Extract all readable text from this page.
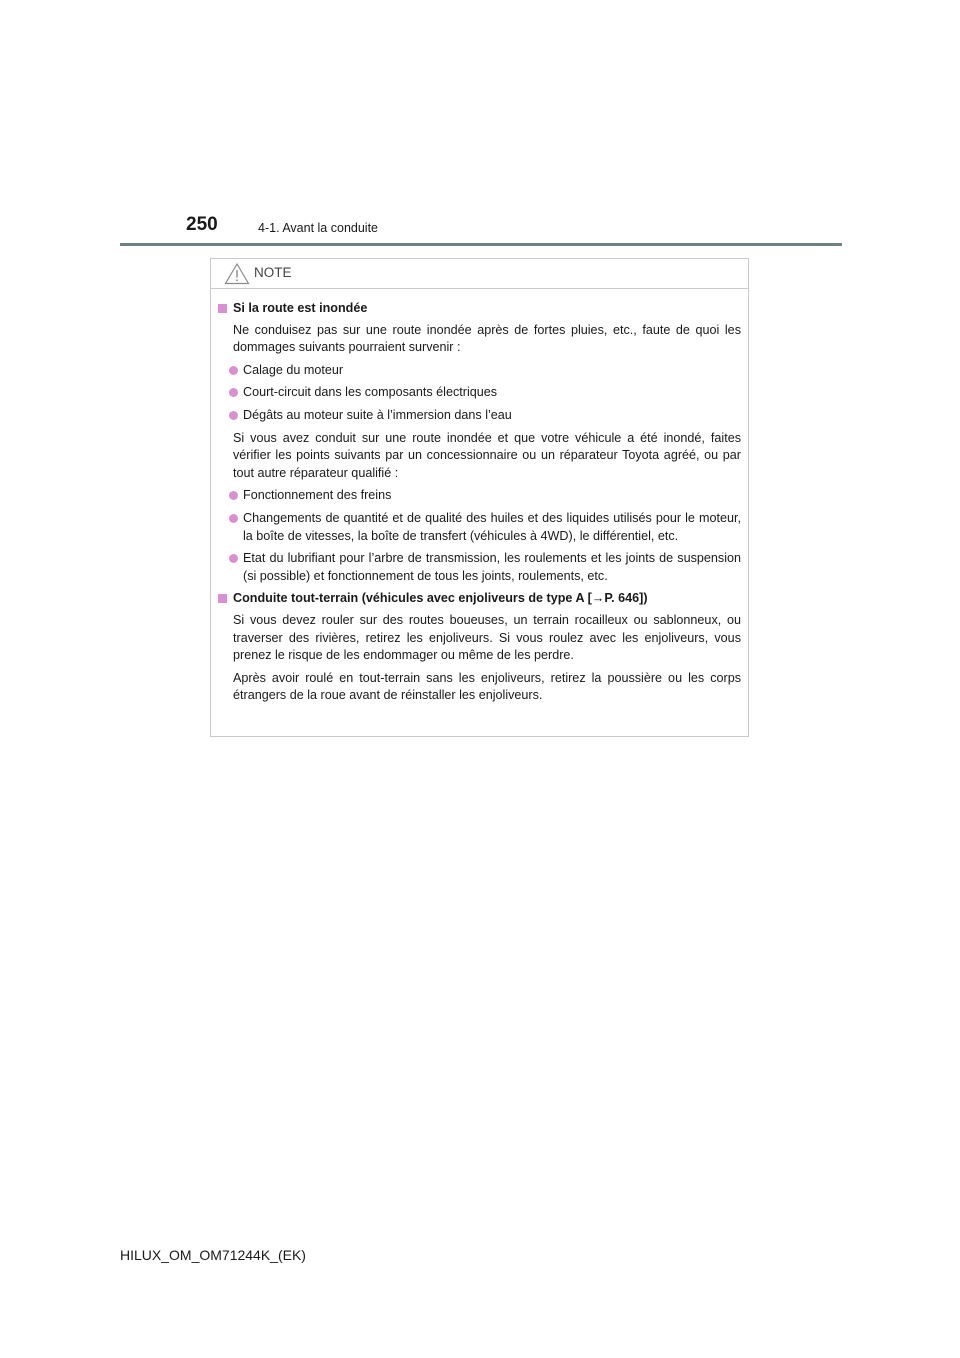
250	4-1. Avant la conduite
NOTE
Si la route est inondée
Ne conduisez pas sur une route inondée après de fortes pluies, etc., faute de quoi les dommages suivants pourraient survenir :
Calage du moteur
Court-circuit dans les composants électriques
Dégâts au moteur suite à l’immersion dans l’eau
Si vous avez conduit sur une route inondée et que votre véhicule a été inondé, faites vérifier les points suivants par un concessionnaire ou un réparateur Toyota agréé, ou par tout autre réparateur qualifié :
Fonctionnement des freins
Changements de quantité et de qualité des huiles et des liquides utilisés pour le moteur, la boîte de vitesses, la boîte de transfert (véhicules à 4WD), le différentiel, etc.
Etat du lubrifiant pour l’arbre de transmission, les roulements et les joints de suspension (si possible) et fonctionnement de tous les joints, roulements, etc.
Conduite tout-terrain (véhicules avec enjoliveurs de type A [→P. 646])
Si vous devez rouler sur des routes boueuses, un terrain rocailleux ou sablonneux, ou traverser des rivières, retirez les enjoliveurs. Si vous roulez avec les enjoliveurs, vous prenez le risque de les endommager ou même de les perdre.
Après avoir roulé en tout-terrain sans les enjoliveurs, retirez la poussière ou les corps étrangers de la roue avant de réinstaller les enjoliveurs.
HILUX_OM_OM71244K_(EK)
